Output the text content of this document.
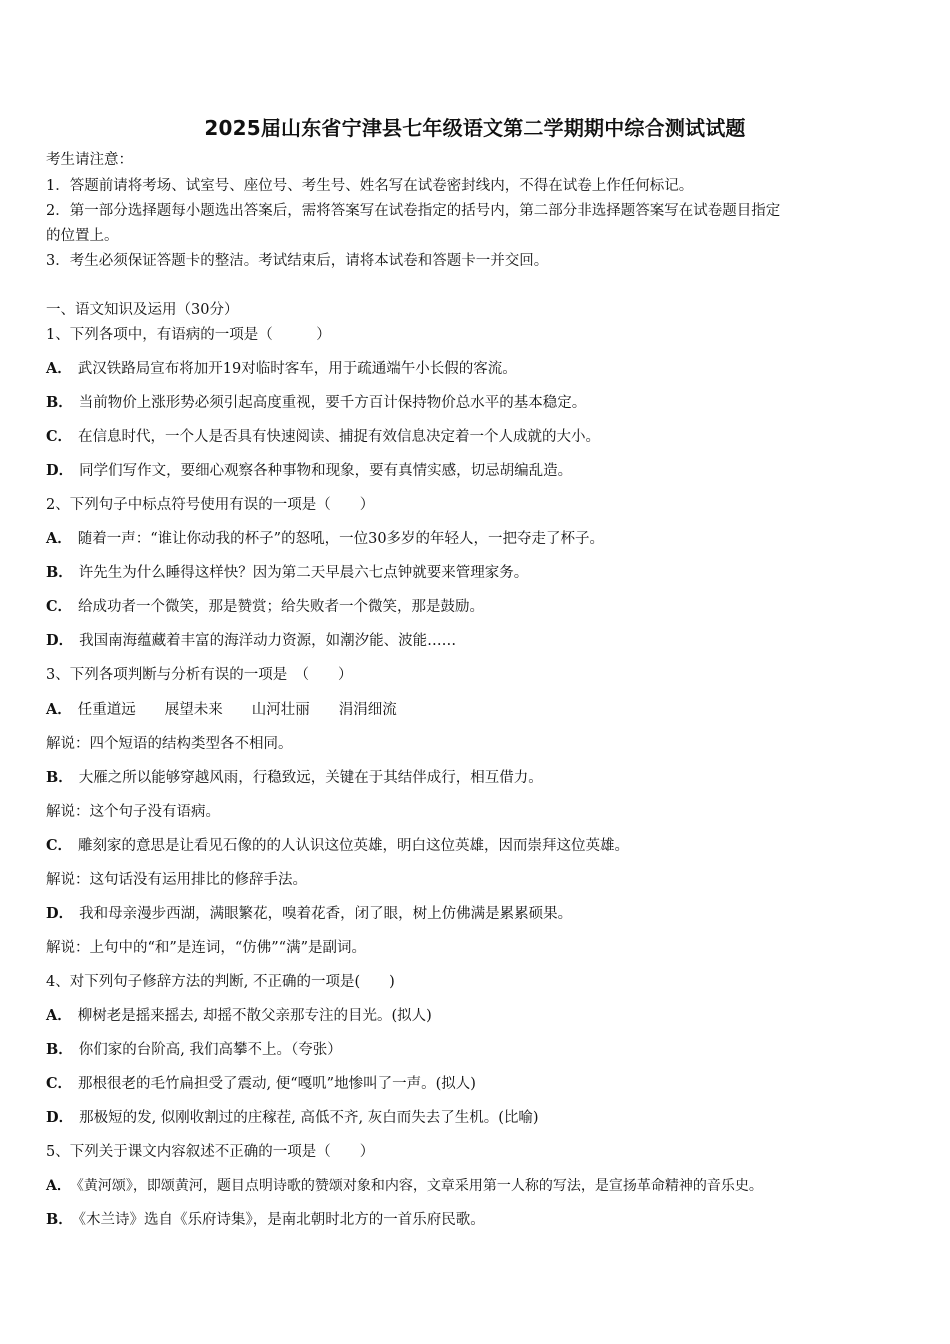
2025届山东省宁津县七年级语文第二学期期中综合测试试题
考生请注意：
1．答题前请将考场、试室号、座位号、考生号、姓名写在试卷密封线内，不得在试卷上作任何标记。
2．第一部分选择题每小题选出答案后，需将答案写在试卷指定的括号内，第二部分非选择题答案写在试卷题目指定
的位置上。
3．考生必须保证答题卡的整洁。考试结束后，请将本试卷和答题卡一并交回。
一、语文知识及运用（30分）
1、下列各项中，有语病的一项是（　　　）
A． 武汉铁路局宣布将加开19对临时客车，用于疏通端午小长假的客流。
B． 当前物价上涨形势必须引起高度重视，要千方百计保持物价总水平的基本稳定。
C． 在信息时代，一个人是否具有快速阅读、捕捉有效信息决定着一个人成就的大小。
D． 同学们写作文，要细心观察各种事物和现象，要有真情实感，切忌胡编乱造。
2、下列句子中标点符号使用有误的一项是（　　）
A． 随着一声：“谁让你动我的杯子”的怒吼，一位30多岁的年轻人，一把夺走了杯子。
B． 许先生为什么睡得这样快？因为第二天早晨六七点钟就要来管理家务。
C． 给成功者一个微笑，那是赞赏；给失败者一个微笑，那是鼓励。
D． 我国南海蕴藏着丰富的海洋动力资源，如潮汐能、波能……
3、下列各项判断与分析有误的一项是　（　　）
A． 任重道远　　展望未来　　山河壮丽　　涓涓细流
解说：四个短语的结构类型各不相同。
B． 大雁之所以能够穿越风雨，行稳致远，关键在于其结伴成行，相互借力。
解说：这个句子没有语病。
C． 雕刻家的意思是让看见石像的的人认识这位英雄，明白这位英雄，因而崇拜这位英雄。
解说：这句话没有运用排比的修辞手法。
D． 我和母亲漫步西湖，满眼繁花，嗅着花香，闭了眼，树上仿佛满是累累硕果。
解说：上句中的“和”是连词，“仿佛”“满”是副词。
4、对下列句子修辞方法的判断, 不正确的一项是(　　)
A． 柳树老是摇来摇去, 却摇不散父亲那专注的目光。(拟人)
B． 你们家的台阶高, 我们高攀不上。（夸张）
C． 那根很老的毛竹扁担受了震动, 便“嘎叽”地惨叫了一声。(拟人)
D． 那极短的发, 似刚收割过的庄稼茬, 高低不齐, 灰白而失去了生机。(比喻)
5、下列关于课文内容叙述不正确的一项是（　　）
A． 《黄河颂》，即颂黄河，题目点明诗歌的赞颂对象和内容，文章采用第一人称的写法，是宣扬革命精神的音乐史。
B． 《木兰诗》选自《乐府诗集》，是南北朝时北方的一首乐府民歌。
